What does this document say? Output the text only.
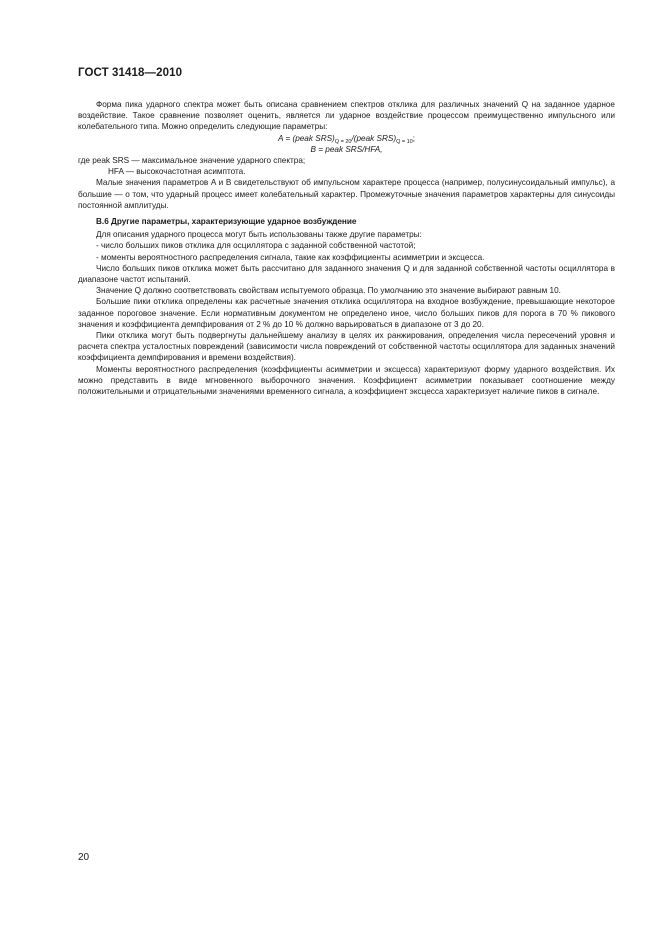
ГОСТ 31418—2010

Форма пика ударного спектра может быть описана сравнением спектров отклика для различных значений Q на заданное ударное воздействие. Такое сравнение позволяет оценить, является ли ударное воздействие процессом преимущественно импульсного или колебательного типа. Можно определить следующие параметры:

A = (peak $SRS)_{Q = 20}/(peak$ $SRS)_{Q = 10}$;

B = peak SRS/HFA,

где peak SRS — максимальное значение ударного спектра;

HFA — высокочастотная асимптота.

Малые значения параметров A и B свидетельствуют об импульсном характере процесса (например, полусинусоидальный импульс), а большие — о том, что ударный процесс имеет колебательный характер. Промежуточные значения параметров характерны для синусоиды постоянной амплитуды.

B.6 Другие параметры, характеризующие ударное возбуждение

Для описания ударного процесса могут быть использованы также другие параметры:

- число больших пиков отклика для осциллятора с заданной собственной частотой;

- моменты вероятностного распределения сигнала, такие как коэффициенты асимметрии и эксцесса.

Число больших пиков отклика может быть рассчитано для заданного значения Q и для заданной собственной частоты осциллятора в диапазоне частот испытаний.

Значение Q должно соответствовать свойствам испытуемого образца. По умолчанию это значение выбирают равным 10.

Большие пики отклика определены как расчетные значения отклика осциллятора на входное возбуждение, превышающие некоторое заданное пороговое значение. Если нормативным документом не определено иное, число больших пиков для порога в 70 % пикового значения и коэффициента демпфирования от 2 % до 10 % должно варьироваться в диапазоне от 3 до 20.

Пики отклика могут быть подвергнуты дальнейшему анализу в целях их ранжирования, определения числа пересечений уровня и расчета спектра усталостных повреждений (зависимости числа повреждений от собственной частоты осциллятора для заданных значений коэффициента демпфирования и времени воздействия).

Моменты вероятностного распределения (коэффициенты асимметрии и эксцесса) характеризуют форму ударного воздействия. Их можно представить в виде мгновенного выборочного значения. Коэффициент асимметрии показывает соотношение между положительными и отрицательными значениями временного сигнала, а коэффициент эксцесса характеризует наличие пиков в сигнале.

20
